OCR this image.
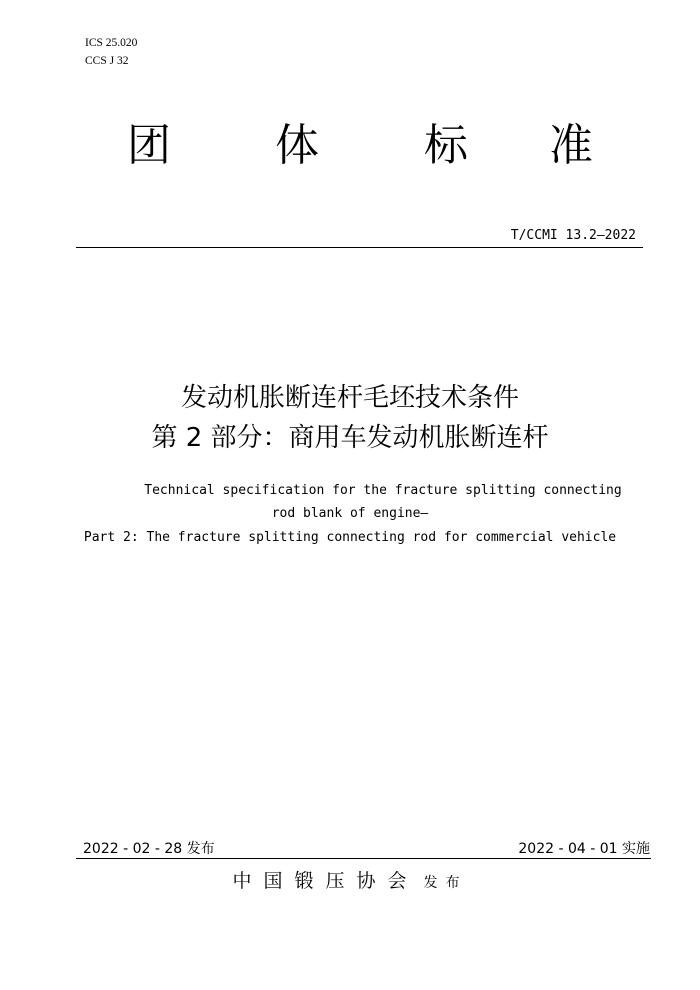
ICS 25.020
CCS J 32
团 体 标 准
T/CCMI 13.2—2022
发动机胀断连杆毛坯技术条件
第 2 部分：商用车发动机胀断连杆
Technical specification for the fracture splitting connecting
rod blank of engine—
Part 2: The fracture splitting connecting rod for commercial vehicle
2022 - 02 - 28 发布	2022 - 04 - 01 实施
中国锻压协会 发布
